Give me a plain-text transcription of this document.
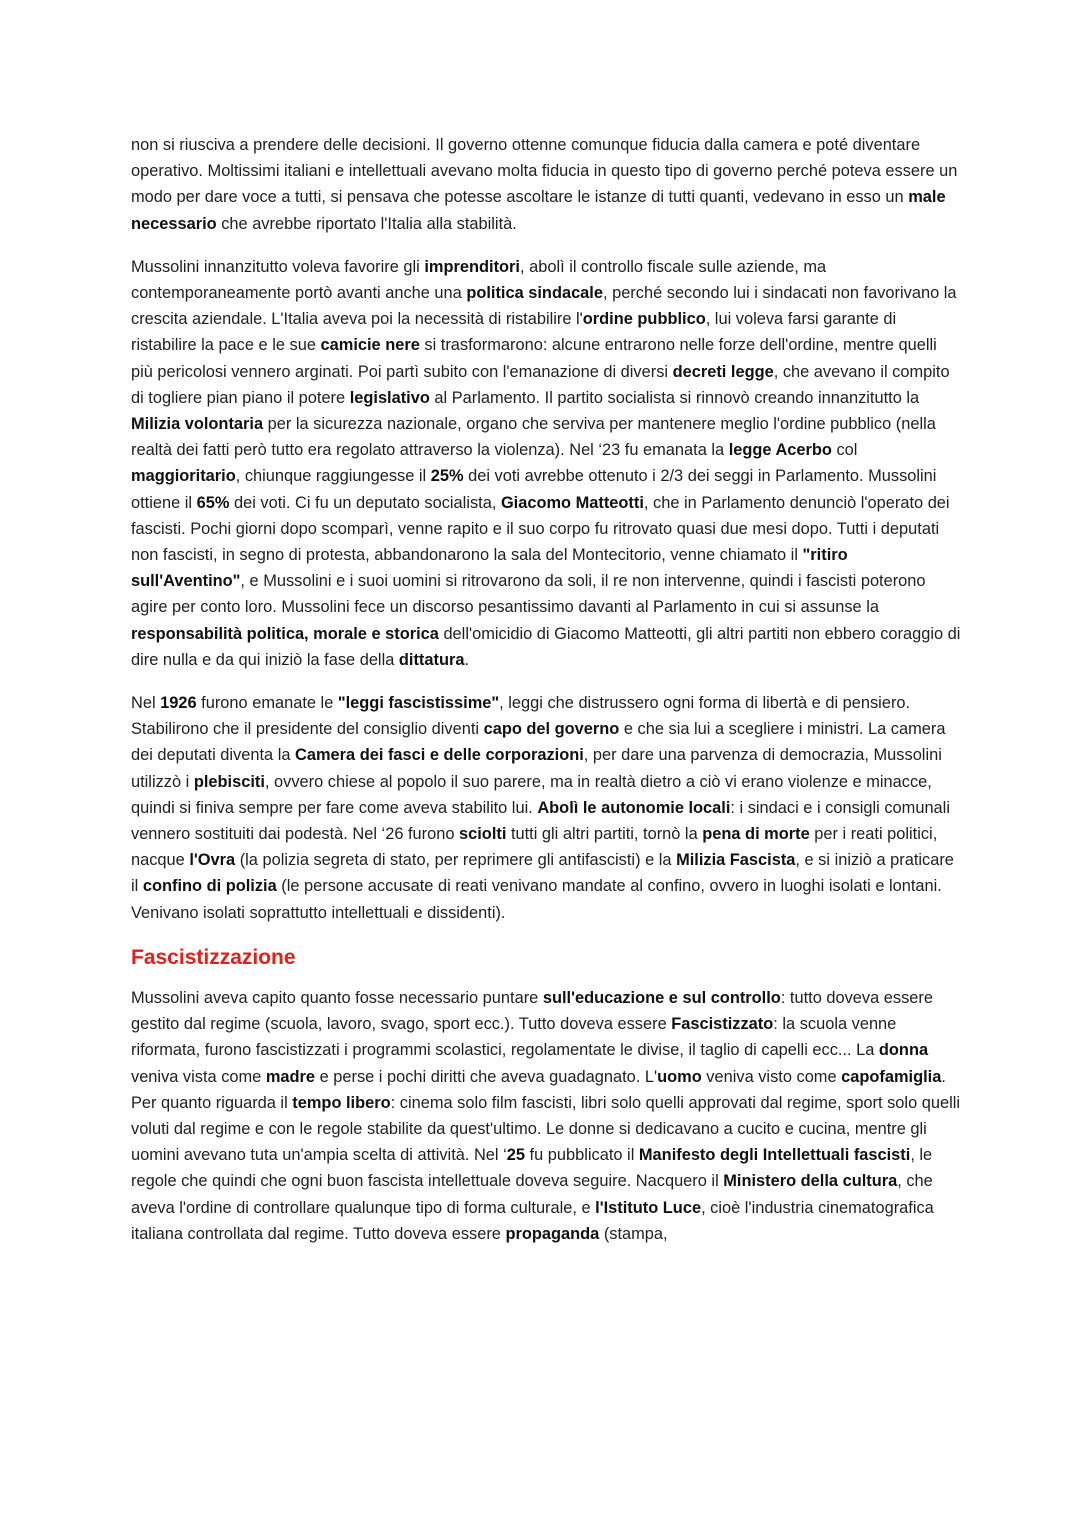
non si riusciva a prendere delle decisioni. Il governo ottenne comunque fiducia dalla camera e poté diventare operativo. Moltissimi italiani e intellettuali avevano molta fiducia in questo tipo di governo perché poteva essere un modo per dare voce a tutti, si pensava che potesse ascoltare le istanze di tutti quanti, vedevano in esso un male necessario che avrebbe riportato l'Italia alla stabilità.

Mussolini innanzitutto voleva favorire gli imprenditori, abolì il controllo fiscale sulle aziende, ma contemporaneamente portò avanti anche una politica sindacale, perché secondo lui i sindacati non favorivano la crescita aziendale. L'Italia aveva poi la necessità di ristabilire l'ordine pubblico, lui voleva farsi garante di ristabilire la pace e le sue camicie nere si trasformarono: alcune entrarono nelle forze dell'ordine, mentre quelli più pericolosi vennero arginati. Poi partì subito con l'emanazione di diversi decreti legge, che avevano il compito di togliere pian piano il potere legislativo al Parlamento. Il partito socialista si rinnovò creando innanzitutto la Milizia volontaria per la sicurezza nazionale, organo che serviva per mantenere meglio l'ordine pubblico (nella realtà dei fatti però tutto era regolato attraverso la violenza). Nel ‘23 fu emanata la legge Acerbo col maggioritario, chiunque raggiungesse il 25% dei voti avrebbe ottenuto i 2/3 dei seggi in Parlamento. Mussolini ottiene il 65% dei voti. Ci fu un deputato socialista, Giacomo Matteotti, che in Parlamento denunciò l'operato dei fascisti. Pochi giorni dopo scomparì, venne rapito e il suo corpo fu ritrovato quasi due mesi dopo. Tutti i deputati non fascisti, in segno di protesta, abbandonarono la sala del Montecitorio, venne chiamato il "ritiro sull'Aventino", e Mussolini e i suoi uomini si ritrovarono da soli, il re non intervenne, quindi i fascisti poterono agire per conto loro. Mussolini fece un discorso pesantissimo davanti al Parlamento in cui si assunse la responsabilità politica, morale e storica dell'omicidio di Giacomo Matteotti, gli altri partiti non ebbero coraggio di dire nulla e da qui iniziò la fase della dittatura.

Nel 1926 furono emanate le "leggi fascistissime", leggi che distrussero ogni forma di libertà e di pensiero. Stabilirono che il presidente del consiglio diventi capo del governo e che sia lui a scegliere i ministri. La camera dei deputati diventa la Camera dei fasci e delle corporazioni, per dare una parvenza di democrazia, Mussolini utilizzò i plebisciti, ovvero chiese al popolo il suo parere, ma in realtà dietro a ciò vi erano violenze e minacce, quindi si finiva sempre per fare come aveva stabilito lui. Abolì le autonomie locali: i sindaci e i consigli comunali vennero sostituiti dai podestà. Nel ‘26 furono sciolti tutti gli altri partiti, tornò la pena di morte per i reati politici, nacque l'Ovra (la polizia segreta di stato, per reprimere gli antifascisti) e la Milizia Fascista, e si iniziò a praticare il confino di polizia (le persone accusate di reati venivano mandate al confino, ovvero in luoghi isolati e lontani. Venivano isolati soprattutto intellettuali e dissidenti).

Fascistizzazione

Mussolini aveva capito quanto fosse necessario puntare sull'educazione e sul controllo: tutto doveva essere gestito dal regime (scuola, lavoro, svago, sport ecc.). Tutto doveva essere Fascistizzato: la scuola venne riformata, furono fascistizzati i programmi scolastici, regolamentate le divise, il taglio di capelli ecc... La donna veniva vista come madre e perse i pochi diritti che aveva guadagnato. L'uomo veniva visto come capofamiglia. Per quanto riguarda il tempo libero: cinema solo film fascisti, libri solo quelli approvati dal regime, sport solo quelli voluti dal regime e con le regole stabilite da quest'ultimo. Le donne si dedicavano a cucito e cucina, mentre gli uomini avevano tuta un'ampia scelta di attività. Nel ‘25 fu pubblicato il Manifesto degli Intellettuali fascisti, le regole che quindi che ogni buon fascista intellettuale doveva seguire. Nacquero il Ministero della cultura, che aveva l'ordine di controllare qualunque tipo di forma culturale, e l'Istituto Luce, cioè l'industria cinematografica italiana controllata dal regime. Tutto doveva essere propaganda (stampa,
